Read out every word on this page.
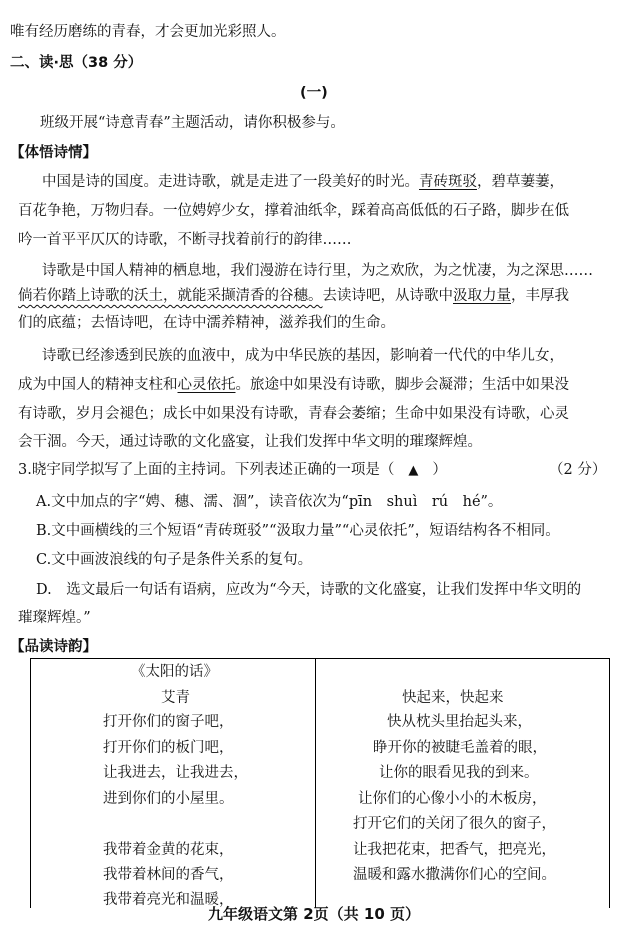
唯有经历磨练的青春，才会更加光彩照人。
二、读·思（38 分）
(一)
班级开展“诗意青春”主题活动，请你积极参与。
【体悟诗情】
中国是诗的国度。走进诗歌，就是走进了一段美好的时光。青砖斑驳，碧草萋萋，
百花争艳，万物归春。一位娉婷少女，撑着油纸伞，踩着高高低低的石子路，脚步在低
吟一首平平仄仄的诗歌，不断寻找着前行的韵律……
诗歌是中国人精神的栖息地，我们漫游在诗行里，为之欢欣，为之忧凄，为之深思……
倘若你踏上诗歌的沃土，就能采撷清香的谷穗。去读诗吧，从诗歌中汲取力量，丰厚我
们的底蕴；去悟诗吧，在诗中濡养精神，滋养我们的生命。
诗歌已经渗透到民族的血液中，成为中华民族的基因，影响着一代代的中华儿女，
成为中国人的精神支柱和心灵依托。旅途中如果没有诗歌，脚步会凝滞；生活中如果没
有诗歌，岁月会褪色；成长中如果没有诗歌，青春会萎缩；生命中如果没有诗歌，心灵
会干涸。今天，通过诗歌的文化盛宴，让我们发挥中华文明的璀璨辉煌。
3.晓宇同学拟写了上面的主持词。下列表述正确的一项是（ ▲ ）	（2 分）
A.文中加点的字“娉、穗、濡、涸”，读音依次为“pīn　shuì　rú　hé”。
B.文中画横线的三个短语“青砖斑驳”“汲取力量”“心灵依托”，短语结构各不相同。
C.文中画波浪线的句子是条件关系的复句。
D.　选文最后一句话有语病，应改为“今天，诗歌的文化盛宴，让我们发挥中华文明的
璀璨辉煌。”
【品读诗韵】
《太阳的话》
艾青
打开你们的窗子吧，
打开你们的板门吧，
让我进去，让我进去，
进到你们的小屋里。
我带着金黄的花束，
我带着林间的香气，
我带着亮光和温暖，
快起来，快起来
快从枕头里抬起头来，
睁开你的被睫毛盖着的眼，
让你的眼看见我的到来。
让你们的心像小小的木板房，
打开它们的关闭了很久的窗子，
让我把花束，把香气，把亮光，
温暖和露水撒满你们心的空间。
九年级语文第 2页（共 10 页）
